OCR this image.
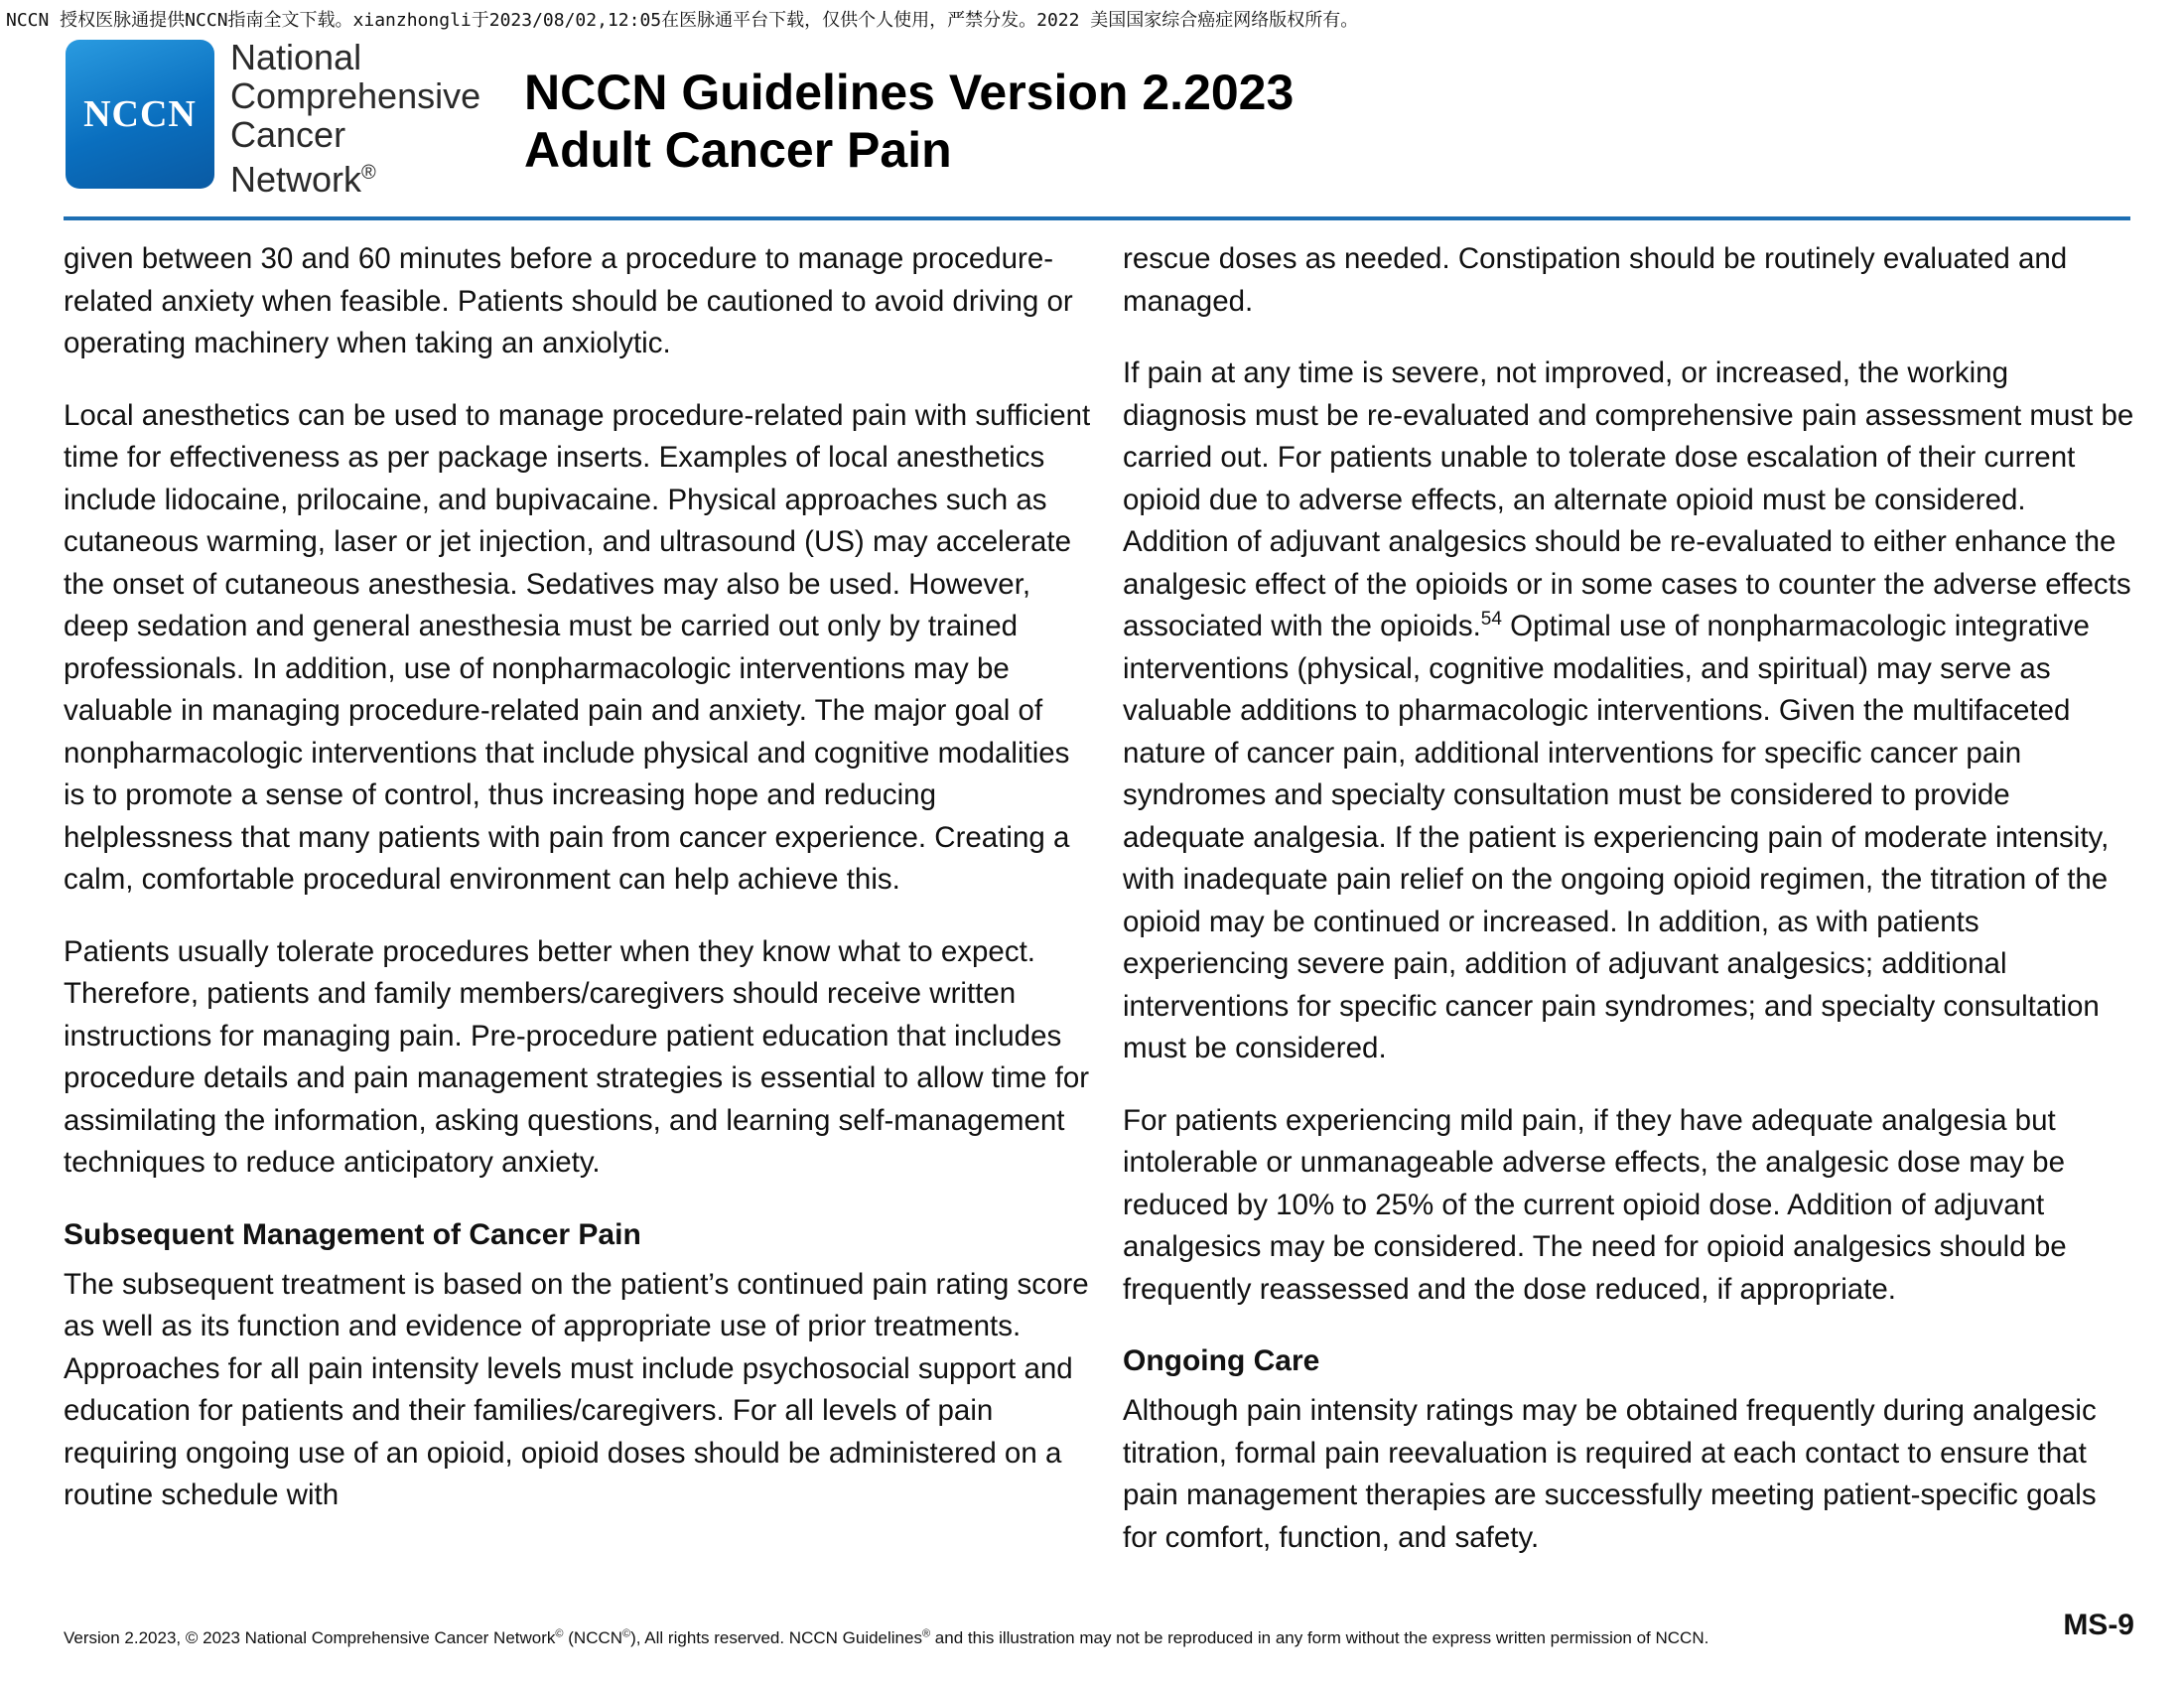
NCCN 授权医脉通提供NCCN指南全文下载。xianzhongli于2023/08/02,12:05在医脉通平台下载，仅供个人使用，严禁分发。2022 美国国家综合癌症网络版权所有。
NCCN
National
Comprehensive
Cancer
Network®
NCCN Guidelines Version 2.2023
Adult Cancer Pain

given between 30 and 60 minutes before a procedure to manage procedure-related anxiety when feasible. Patients should be cautioned to avoid driving or operating machinery when taking an anxiolytic.

Local anesthetics can be used to manage procedure-related pain with sufficient time for effectiveness as per package inserts. Examples of local anesthetics include lidocaine, prilocaine, and bupivacaine. Physical approaches such as cutaneous warming, laser or jet injection, and ultrasound (US) may accelerate the onset of cutaneous anesthesia. Sedatives may also be used. However, deep sedation and general anesthesia must be carried out only by trained professionals. In addition, use of nonpharmacologic interventions may be valuable in managing procedure-related pain and anxiety. The major goal of nonpharmacologic interventions that include physical and cognitive modalities is to promote a sense of control, thus increasing hope and reducing helplessness that many patients with pain from cancer experience. Creating a calm, comfortable procedural environment can help achieve this.

Patients usually tolerate procedures better when they know what to expect. Therefore, patients and family members/caregivers should receive written instructions for managing pain. Pre-procedure patient education that includes procedure details and pain management strategies is essential to allow time for assimilating the information, asking questions, and learning self-management techniques to reduce anticipatory anxiety.

Subsequent Management of Cancer Pain

The subsequent treatment is based on the patient’s continued pain rating score as well as its function and evidence of appropriate use of prior treatments. Approaches for all pain intensity levels must include psychosocial support and education for patients and their families/caregivers. For all levels of pain requiring ongoing use of an opioid, opioid doses should be administered on a routine schedule with

rescue doses as needed. Constipation should be routinely evaluated and managed.

If pain at any time is severe, not improved, or increased, the working diagnosis must be re-evaluated and comprehensive pain assessment must be carried out. For patients unable to tolerate dose escalation of their current opioid due to adverse effects, an alternate opioid must be considered. Addition of adjuvant analgesics should be re-evaluated to either enhance the analgesic effect of the opioids or in some cases to counter the adverse effects associated with the opioids.$^{54}$ Optimal use of nonpharmacologic integrative interventions (physical, cognitive modalities, and spiritual) may serve as valuable additions to pharmacologic interventions. Given the multifaceted nature of cancer pain, additional interventions for specific cancer pain syndromes and specialty consultation must be considered to provide adequate analgesia. If the patient is experiencing pain of moderate intensity, with inadequate pain relief on the ongoing opioid regimen, the titration of the opioid may be continued or increased. In addition, as with patients experiencing severe pain, addition of adjuvant analgesics; additional interventions for specific cancer pain syndromes; and specialty consultation must be considered.

For patients experiencing mild pain, if they have adequate analgesia but intolerable or unmanageable adverse effects, the analgesic dose may be reduced by 10% to 25% of the current opioid dose. Addition of adjuvant analgesics may be considered. The need for opioid analgesics should be frequently reassessed and the dose reduced, if appropriate.

Ongoing Care

Although pain intensity ratings may be obtained frequently during analgesic titration, formal pain reevaluation is required at each contact to ensure that pain management therapies are successfully meeting patient-specific goals for comfort, function, and safety.

Version 2.2023, © 2023 National Comprehensive Cancer Network© (NCCN©), All rights reserved. NCCN Guidelines® and this illustration may not be reproduced in any form without the express written permission of NCCN.	MS-9
